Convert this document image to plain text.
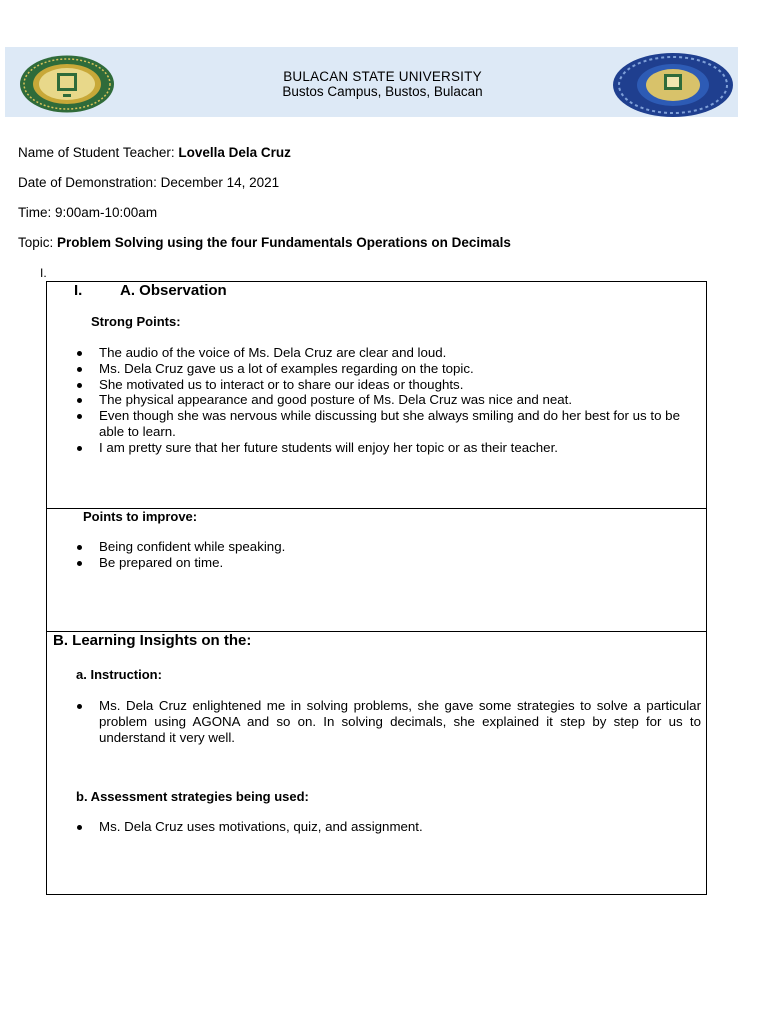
BULACAN STATE UNIVERSITY
Bustos Campus, Bustos, Bulacan
Name of Student Teacher: Lovella Dela Cruz
Date of Demonstration: December 14, 2021
Time: 9:00am-10:00am
Topic: Problem Solving using the four Fundamentals Operations on Decimals
I.
I.	A. Observation
Strong Points:
The audio of the voice of Ms. Dela Cruz are clear and loud.
Ms. Dela Cruz gave us a lot of examples regarding on the topic.
She motivated us to interact or to share our ideas or thoughts.
The physical appearance and good posture of Ms. Dela Cruz was nice and neat.
Even though she was nervous while discussing but she always smiling and do her best for us to be able to learn.
I am pretty sure that her future students will enjoy her topic or as their teacher.
Points to improve:
Being confident while speaking.
Be prepared on time.
B. Learning Insights on the:
a. Instruction:
Ms. Dela Cruz enlightened me in solving problems, she gave some strategies to solve a particular problem using AGONA and so on. In solving decimals, she explained it step by step for us to understand it very well.
b. Assessment strategies being used:
Ms. Dela Cruz uses motivations, quiz, and assignment.
